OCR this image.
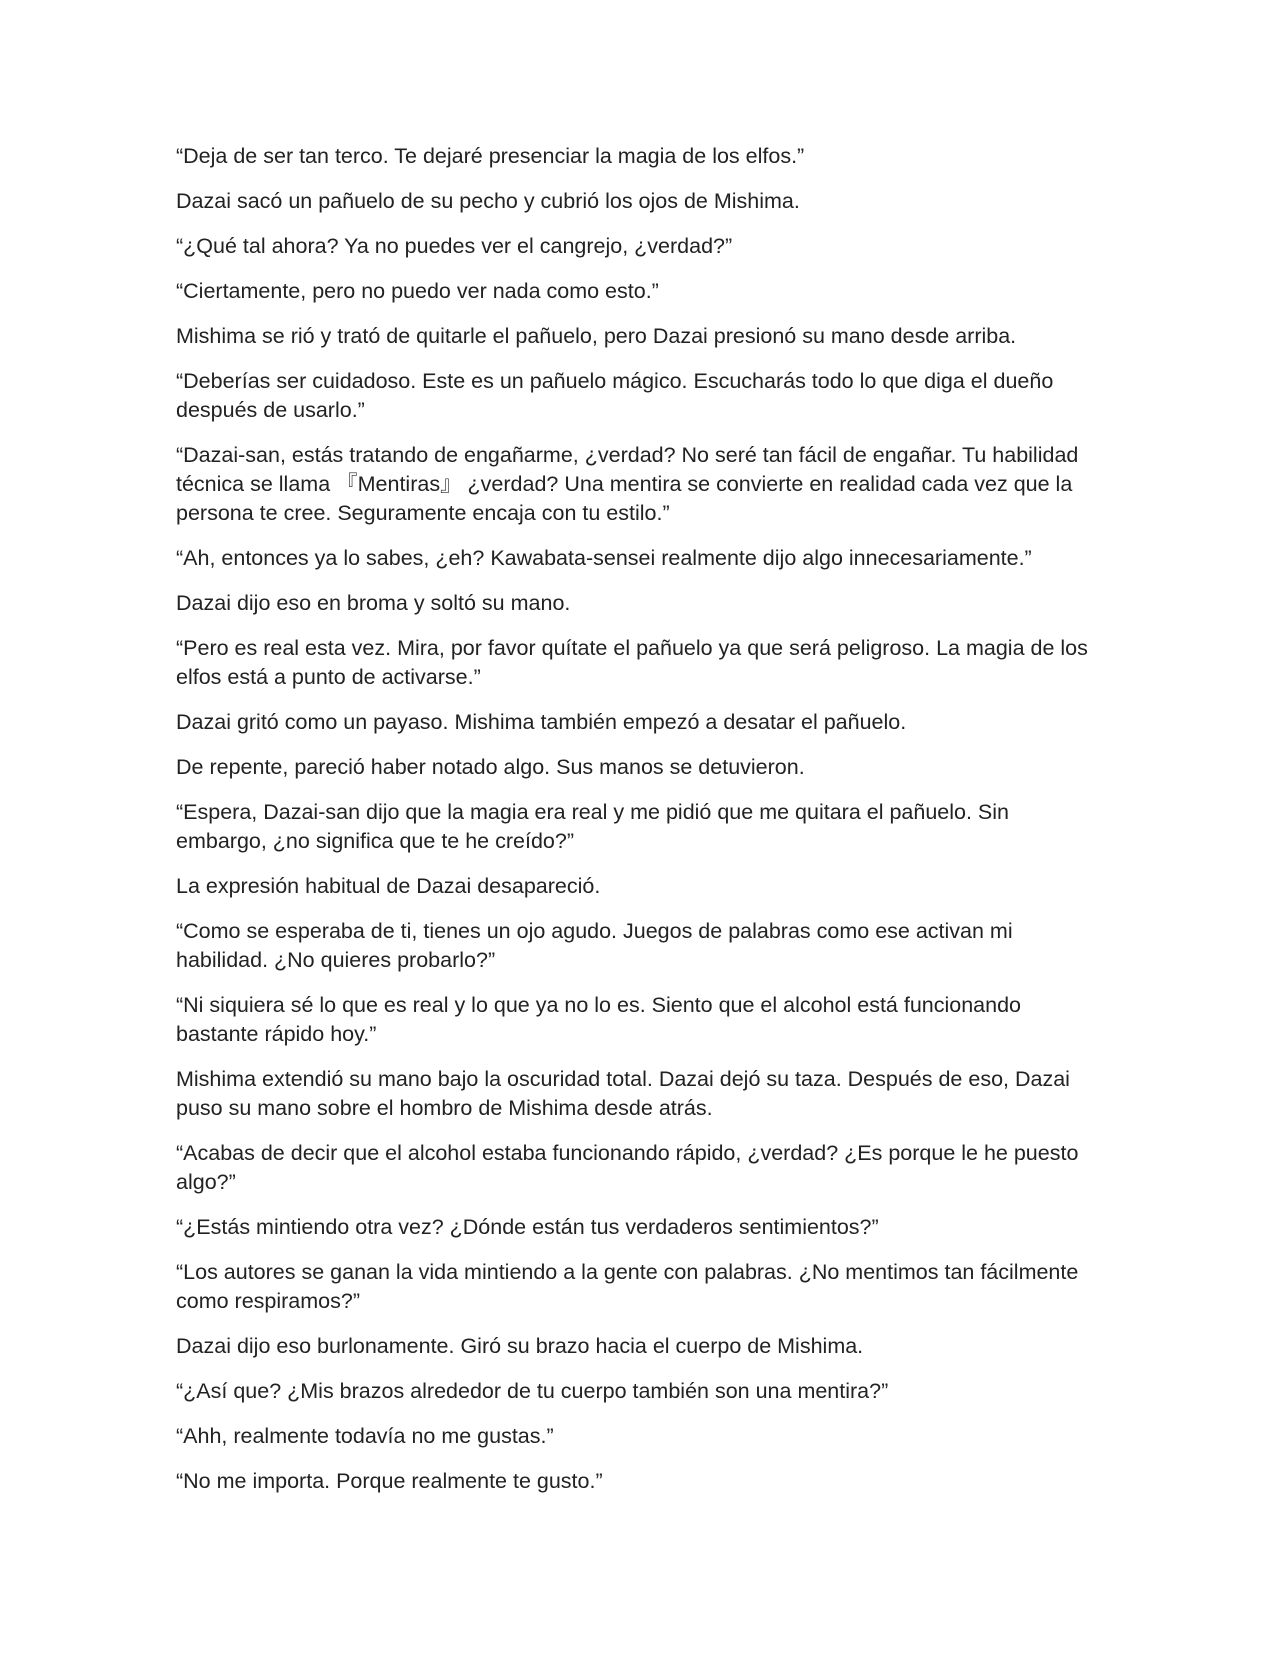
“Deja de ser tan terco. Te dejaré presenciar la magia de los elfos.”

Dazai sacó un pañuelo de su pecho y cubrió los ojos de Mishima.

“¿Qué tal ahora? Ya no puedes ver el cangrejo, ¿verdad?”

“Ciertamente, pero no puedo ver nada como esto.”

Mishima se rió y trató de quitarle el pañuelo, pero Dazai presionó su mano desde arriba.

“Deberías ser cuidadoso. Este es un pañuelo mágico. Escucharás todo lo que diga el dueño después de usarlo.”

“Dazai-san, estás tratando de engañarme, ¿verdad? No seré tan fácil de engañar. Tu habilidad técnica se llama 『Mentiras』 ¿verdad? Una mentira se convierte en realidad cada vez que la persona te cree. Seguramente encaja con tu estilo.”

“Ah, entonces ya lo sabes, ¿eh? Kawabata-sensei realmente dijo algo innecesariamente.”

Dazai dijo eso en broma y soltó su mano.

“Pero es real esta vez. Mira, por favor quítate el pañuelo ya que será peligroso. La magia de los elfos está a punto de activarse.”

Dazai gritó como un payaso. Mishima también empezó a desatar el pañuelo.

De repente, pareció haber notado algo. Sus manos se detuvieron.

“Espera, Dazai-san dijo que la magia era real y me pidió que me quitara el pañuelo. Sin embargo, ¿no significa que te he creído?”

La expresión habitual de Dazai desapareció.

“Como se esperaba de ti, tienes un ojo agudo. Juegos de palabras como ese activan mi habilidad. ¿No quieres probarlo?”

“Ni siquiera sé lo que es real y lo que ya no lo es. Siento que el alcohol está funcionando bastante rápido hoy.”

Mishima extendió su mano bajo la oscuridad total. Dazai dejó su taza. Después de eso, Dazai puso su mano sobre el hombro de Mishima desde atrás.

“Acabas de decir que el alcohol estaba funcionando rápido, ¿verdad? ¿Es porque le he puesto algo?”

“¿Estás mintiendo otra vez? ¿Dónde están tus verdaderos sentimientos?”

“Los autores se ganan la vida mintiendo a la gente con palabras. ¿No mentimos tan fácilmente como respiramos?”

Dazai dijo eso burlonamente. Giró su brazo hacia el cuerpo de Mishima.

“¿Así que? ¿Mis brazos alrededor de tu cuerpo también son una mentira?”

“Ahh, realmente todavía no me gustas.”

“No me importa. Porque realmente te gusto.”
